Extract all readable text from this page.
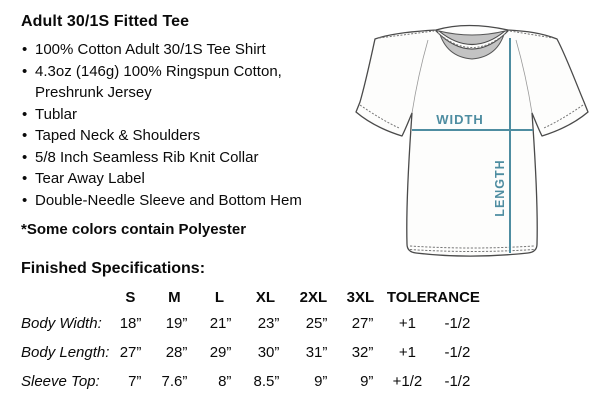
Adult 30/1S Fitted Tee
• 100% Cotton Adult 30/1S Tee Shirt
• 4.3oz (146g) 100% Ringspun Cotton, Preshrunk Jersey
• Tublar
• Taped Neck & Shoulders
• 5/8 Inch Seamless Rib Knit Collar
• Tear Away Label
• Double-Needle Sleeve and Bottom Hem
*Some colors contain Polyester
WIDTH
LENGTH
Finished Specifications:
	S	M	L	XL	2XL	3XL	TOLERANCE	
Body Width:	18”	19”	21”	23”	25”	27”	+1	-1/2
Body Length:	27”	28”	29”	30”	31”	32”	+1	-1/2
Sleeve Top:	7”	7.6”	8”	8.5”	9”	9”	+1/2	-1/2
